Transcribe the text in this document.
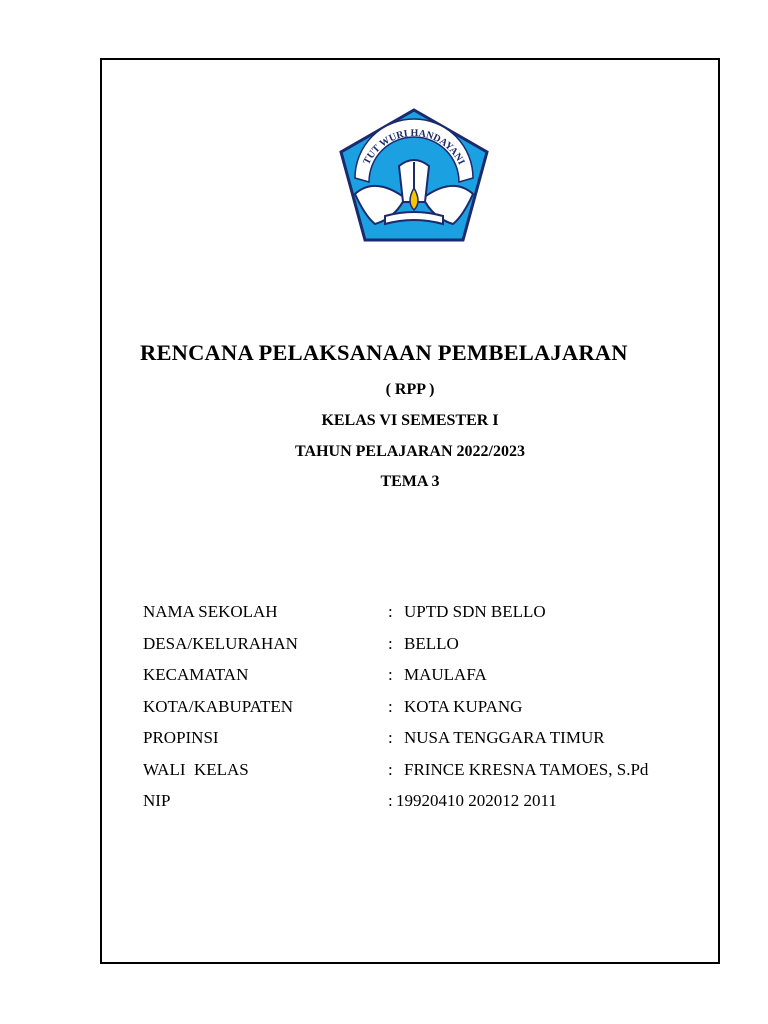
TUT WURI HANDAYANI
RENCANA PELAKSANAAN PEMBELAJARAN
( RPP )
KELAS VI SEMESTER I
TAHUN PELAJARAN 2022/2023
TEMA 3
NAMA SEKOLAH	: UPTD SDN BELLO
DESA/KELURAHAN	: BELLO
KECAMATAN	: MAULAFA
KOTA/KABUPATEN	: KOTA KUPANG
PROPINSI	: NUSA TENGGARA TIMUR
WALI  KELAS	: FRINCE KRESNA TAMOES, S.Pd
NIP	: 19920410 202012 2011
